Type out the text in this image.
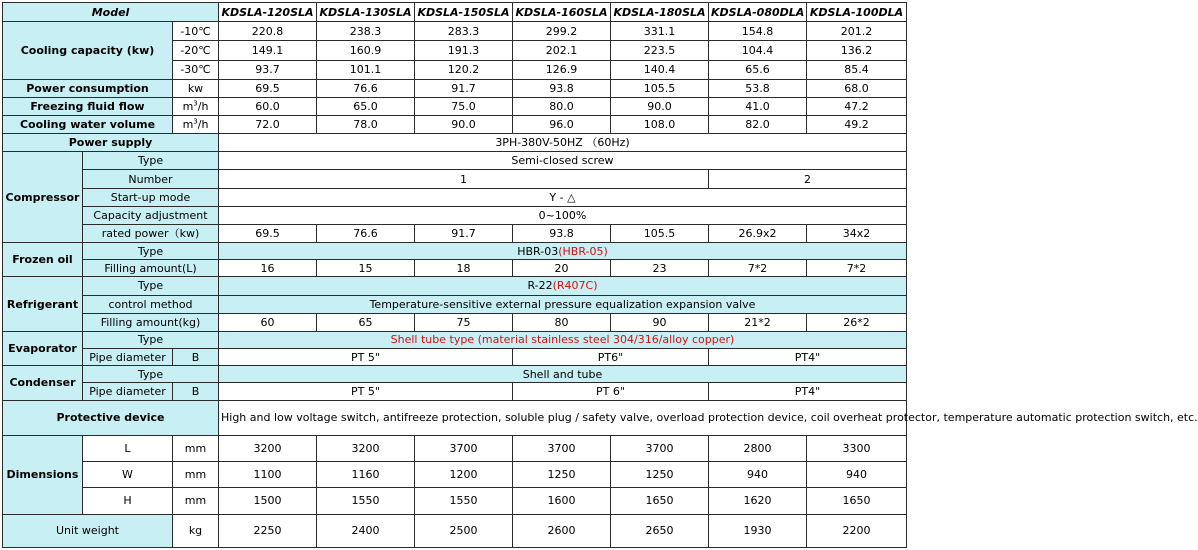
Model			KDSLA-120SLA	KDSLA-130SLA	KDSLA-150SLA	KDSLA-160SLA	KDSLA-180SLA	KDSLA-080DLA	KDSLA-100DLA
Cooling capacity (kw)		-10℃	220.8	238.3	283.3	299.2	331.1	154.8	201.2
		-20℃	149.1	160.9	191.3	202.1	223.5	104.4	136.2
		-30℃	93.7	101.1	120.2	126.9	140.4	65.6	85.4
Power consumption		kw	69.5	76.6	91.7	93.8	105.5	53.8	68.0
Freezing fluid flow		$m^3/h$	60.0	65.0	75.0	80.0	90.0	41.0	47.2
Cooling water volume		$m^3/h$	72.0	78.0	90.0	96.0	108.0	82.0	49.2
Power supply			3PH-380V-50HZ （60Hz)						
Compressor	Type		Semi-closed screw						
	Number		1					2	
	Start-up mode		Y - △						
	Capacity adjustment		0~100%						
	rated power（kw)		69.5	76.6	91.7	93.8	105.5	26.9x2	34x2
Frozen oil	Type		HBR-03(HBR-05)						
	Filling amount(L)		16	15	18	20	23	7*2	7*2
Refrigerant	Type		R-22(R407C)						
	control method		Temperature-sensitive external pressure equalization expansion valve						
	Filling amount(kg)		60	65	75	80	90	21*2	26*2
Evaporator	Type		Shell tube type (material stainless steel 304/316/alloy copper)						
	Pipe diameter	B	PT 5"			PT6"		PT4"	
Condenser	Type		Shell and tube						
	Pipe diameter	B	PT 5"			PT 6"		PT4"	
Protective device			High and low voltage switch, antifreeze protection, soluble plug / safety valve, overload protection device, coil overheat protector, temperature automatic protection switch, etc.						
Dimensions	L	mm	3200	3200	3700	3700	3700	2800	3300
	W	mm	1100	1160	1200	1250	1250	940	940
	H	mm	1500	1550	1550	1600	1650	1620	1650
Unit weight		kg	2250	2400	2500	2600	2650	1930	2200
